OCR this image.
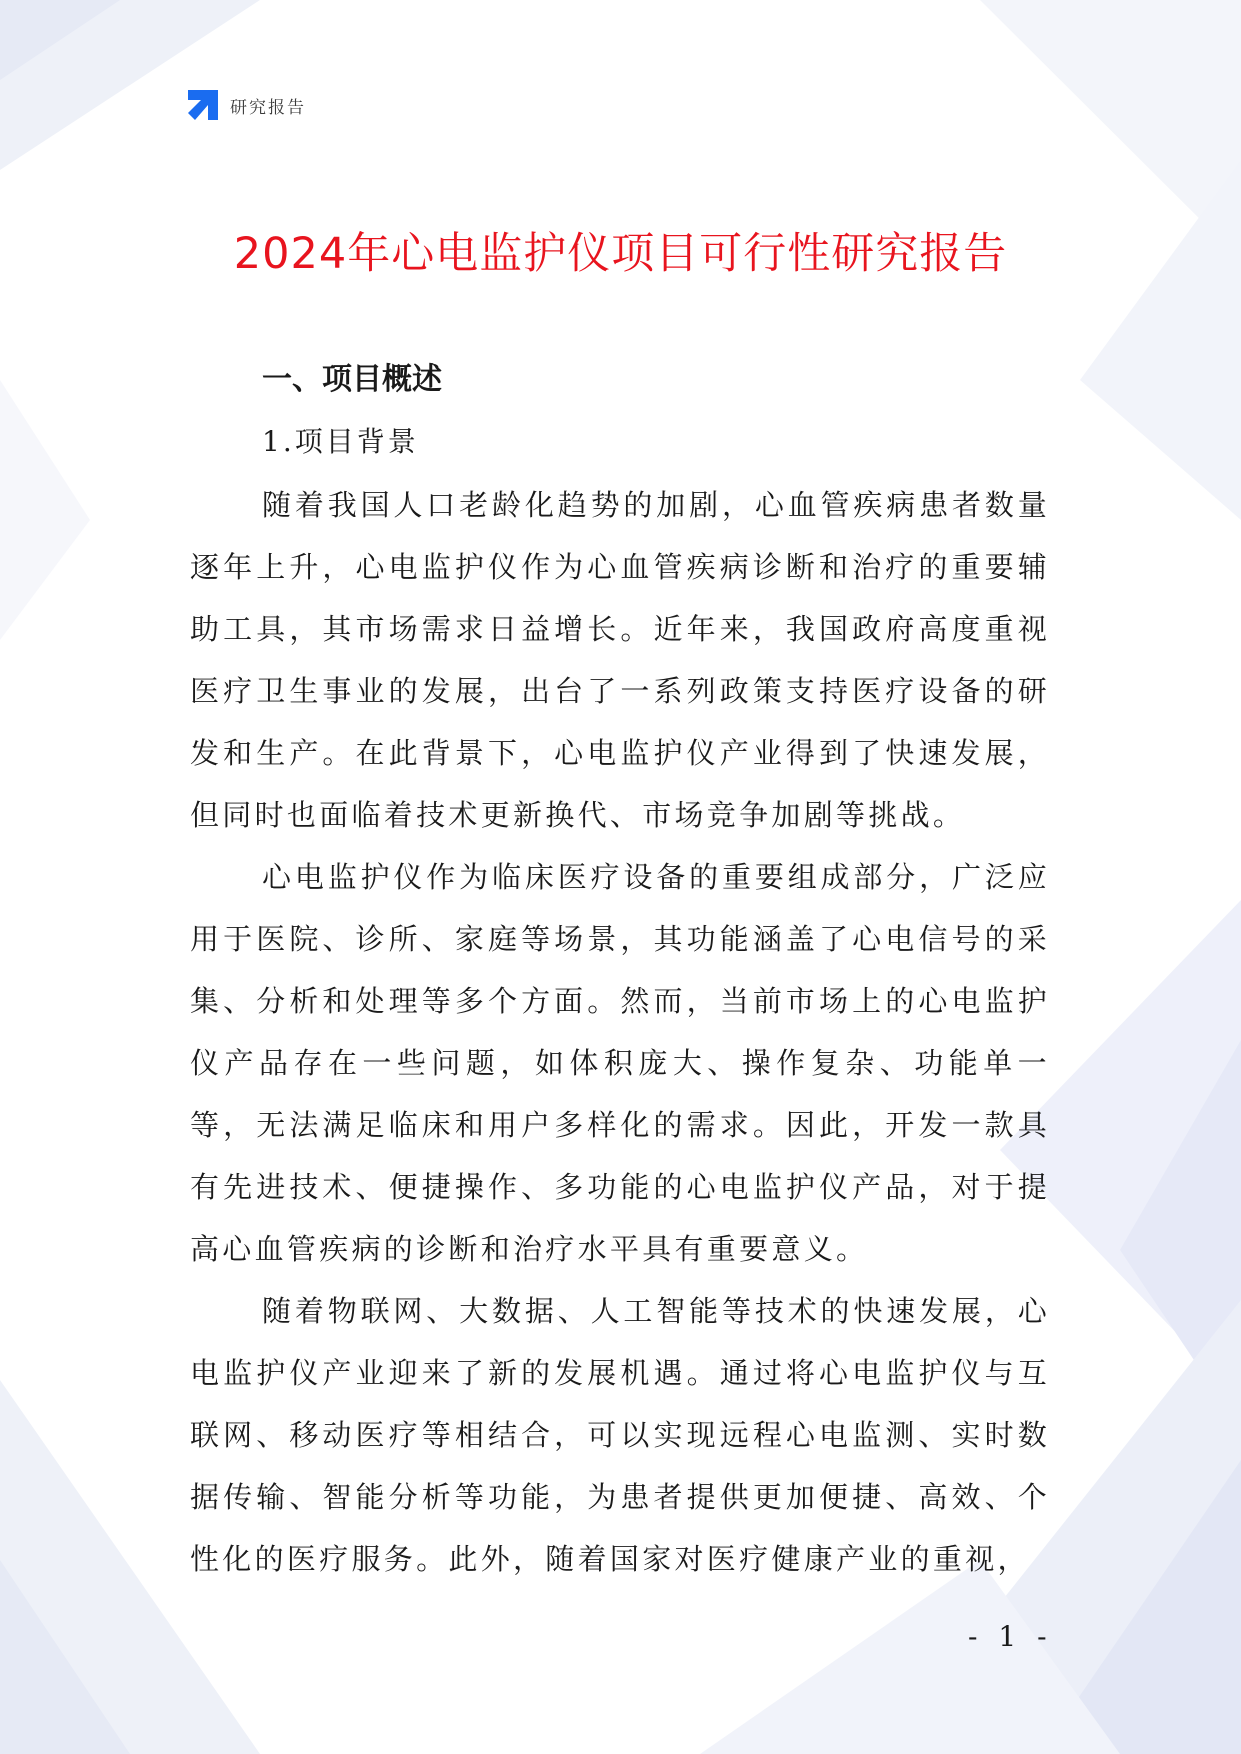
研究报告
2024年心电监护仪项目可行性研究报告
一、项目概述
1.项目背景

随着我国人口老龄化趋势的加剧，心血管疾病患者数量逐年上升，心电监护仪作为心血管疾病诊断和治疗的重要辅助工具，其市场需求日益增长。近年来，我国政府高度重视医疗卫生事业的发展，出台了一系列政策支持医疗设备的研发和生产。在此背景下，心电监护仪产业得到了快速发展，但同时也面临着技术更新换代、市场竞争加剧等挑战。

心电监护仪作为临床医疗设备的重要组成部分，广泛应用于医院、诊所、家庭等场景，其功能涵盖了心电信号的采集、分析和处理等多个方面。然而，当前市场上的心电监护仪产品存在一些问题，如体积庞大、操作复杂、功能单一等，无法满足临床和用户多样化的需求。因此，开发一款具有先进技术、便捷操作、多功能的心电监护仪产品，对于提高心血管疾病的诊断和治疗水平具有重要意义。

随着物联网、大数据、人工智能等技术的快速发展，心电监护仪产业迎来了新的发展机遇。通过将心电监护仪与互联网、移动医疗等相结合，可以实现远程心电监测、实时数据传输、智能分析等功能，为患者提供更加便捷、高效、个性化的医疗服务。此外，随着国家对医疗健康产业的重视，

- 1 -
